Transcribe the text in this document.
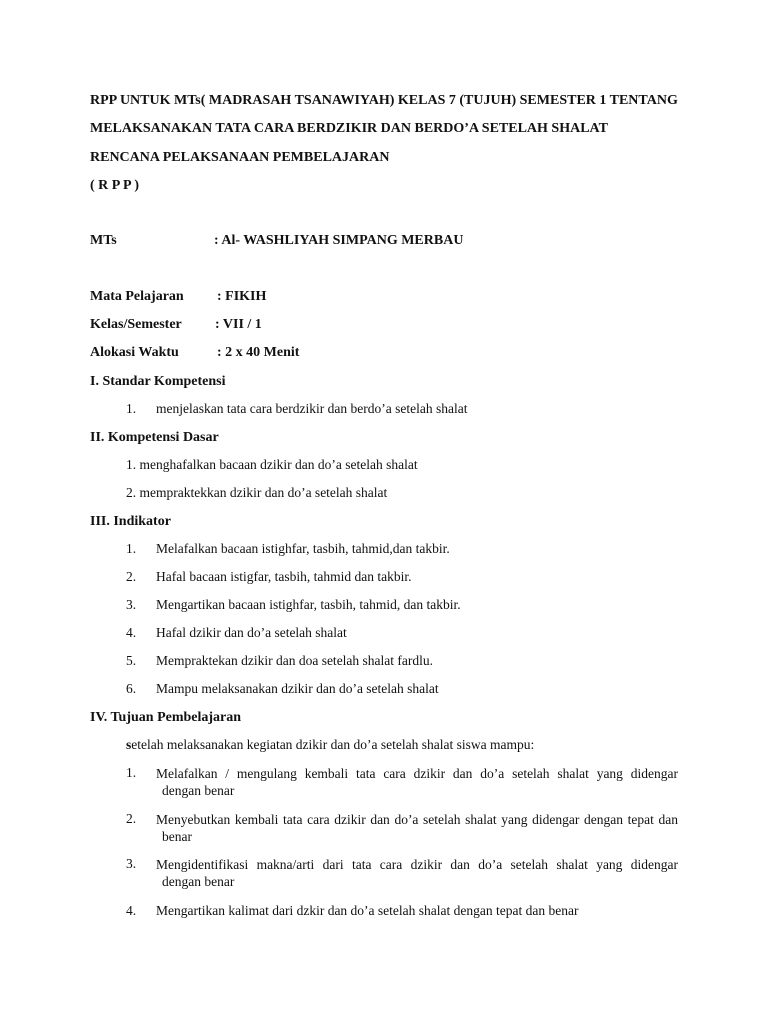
RPP UNTUK MTs( MADRASAH TSANAWIYAH) KELAS 7 (TUJUH) SEMESTER 1 TENTANG
MELAKSANAKAN TATA CARA BERDZIKIR DAN BERDO’A SETELAH SHALAT
RENCANA PELAKSANAAN PEMBELAJARAN
( R P P )
MTs	: Al- WASHLIYAH SIMPANG MERBAU
Mata Pelajaran : FIKIH
Kelas/Semester : VII / 1
Alokasi Waktu	: 2 x 40 Menit
I. Standar Kompetensi
1. menjelaskan tata cara berdzikir dan berdo’a setelah shalat
II. Kompetensi Dasar
1. menghafalkan bacaan dzikir dan do’a setelah shalat
2. mempraktekkan dzikir dan do’a setelah shalat
III. Indikator
1. Melafalkan bacaan istighfar, tasbih, tahmid,dan takbir.
2. Hafal bacaan istigfar, tasbih, tahmid dan takbir.
3. Mengartikan bacaan istighfar, tasbih, tahmid, dan takbir.
4. Hafal dzikir dan do’a setelah shalat
5. Mempraktekan dzikir dan doa setelah shalat fardlu.
6. Mampu melaksanakan dzikir dan do’a setelah shalat
IV. Tujuan Pembelajaran
setelah melaksanakan kegiatan dzikir dan do’a setelah shalat siswa mampu:
1. Melafalkan / mengulang kembali tata cara dzikir dan do’a setelah shalat yang didengar
dengan benar
2. Menyebutkan kembali tata cara dzikir dan do’a setelah shalat yang didengar dengan tepat dan
benar
3. Mengidentifikasi makna/arti dari tata cara dzikir dan do’a setelah shalat yang didengar
dengan benar
4. Mengartikan kalimat dari dzkir dan do’a setelah shalat dengan tepat dan benar
